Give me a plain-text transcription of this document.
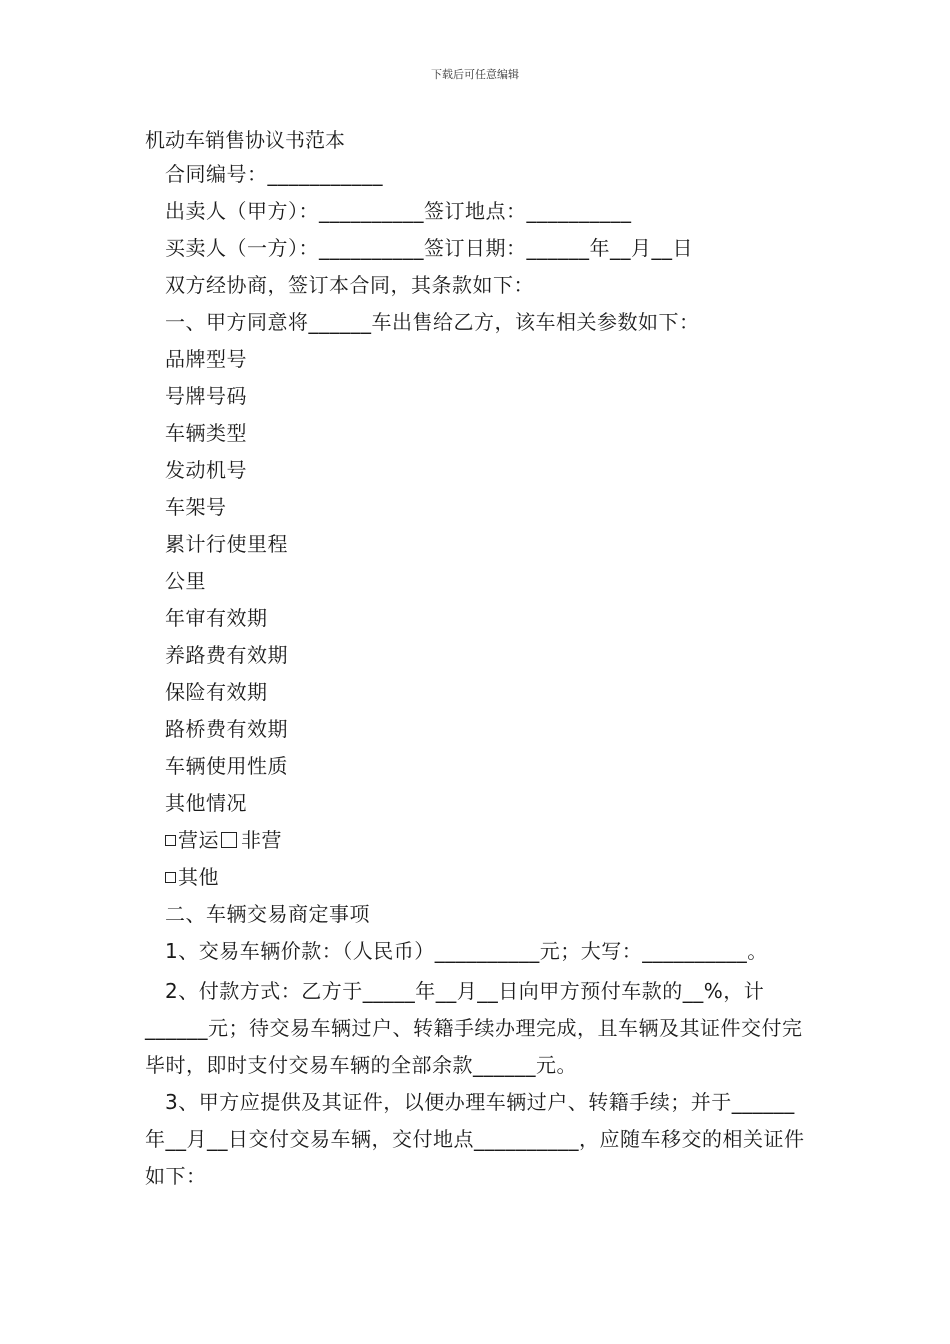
下载后可任意编辑
机动车销售协议书范本
合同编号：___________
出卖人（甲方）：__________签订地点：__________
买卖人（一方）：__________签订日期：______年__月__日
双方经协商，签订本合同，其条款如下：
一、甲方同意将______车出售给乙方，该车相关参数如下：
品牌型号
号牌号码
车辆类型
发动机号
车架号
累计行使里程
公里
年审有效期
养路费有效期
保险有效期
路桥费有效期
车辆使用性质
其他情况
营运 非营
其他
二、车辆交易商定事项
1、交易车辆价款：（人民币）__________元；大写：__________。
2、付款方式：乙方于_____年__月__日向甲方预付车款的__%，计______元；待交易车辆过户、转籍手续办理完成，且车辆及其证件交付完毕时，即时支付交易车辆的全部余款______元。
3、甲方应提供及其证件，以便办理车辆过户、转籍手续；并于______年__月__日交付交易车辆，交付地点__________，应随车移交的相关证件如下：
